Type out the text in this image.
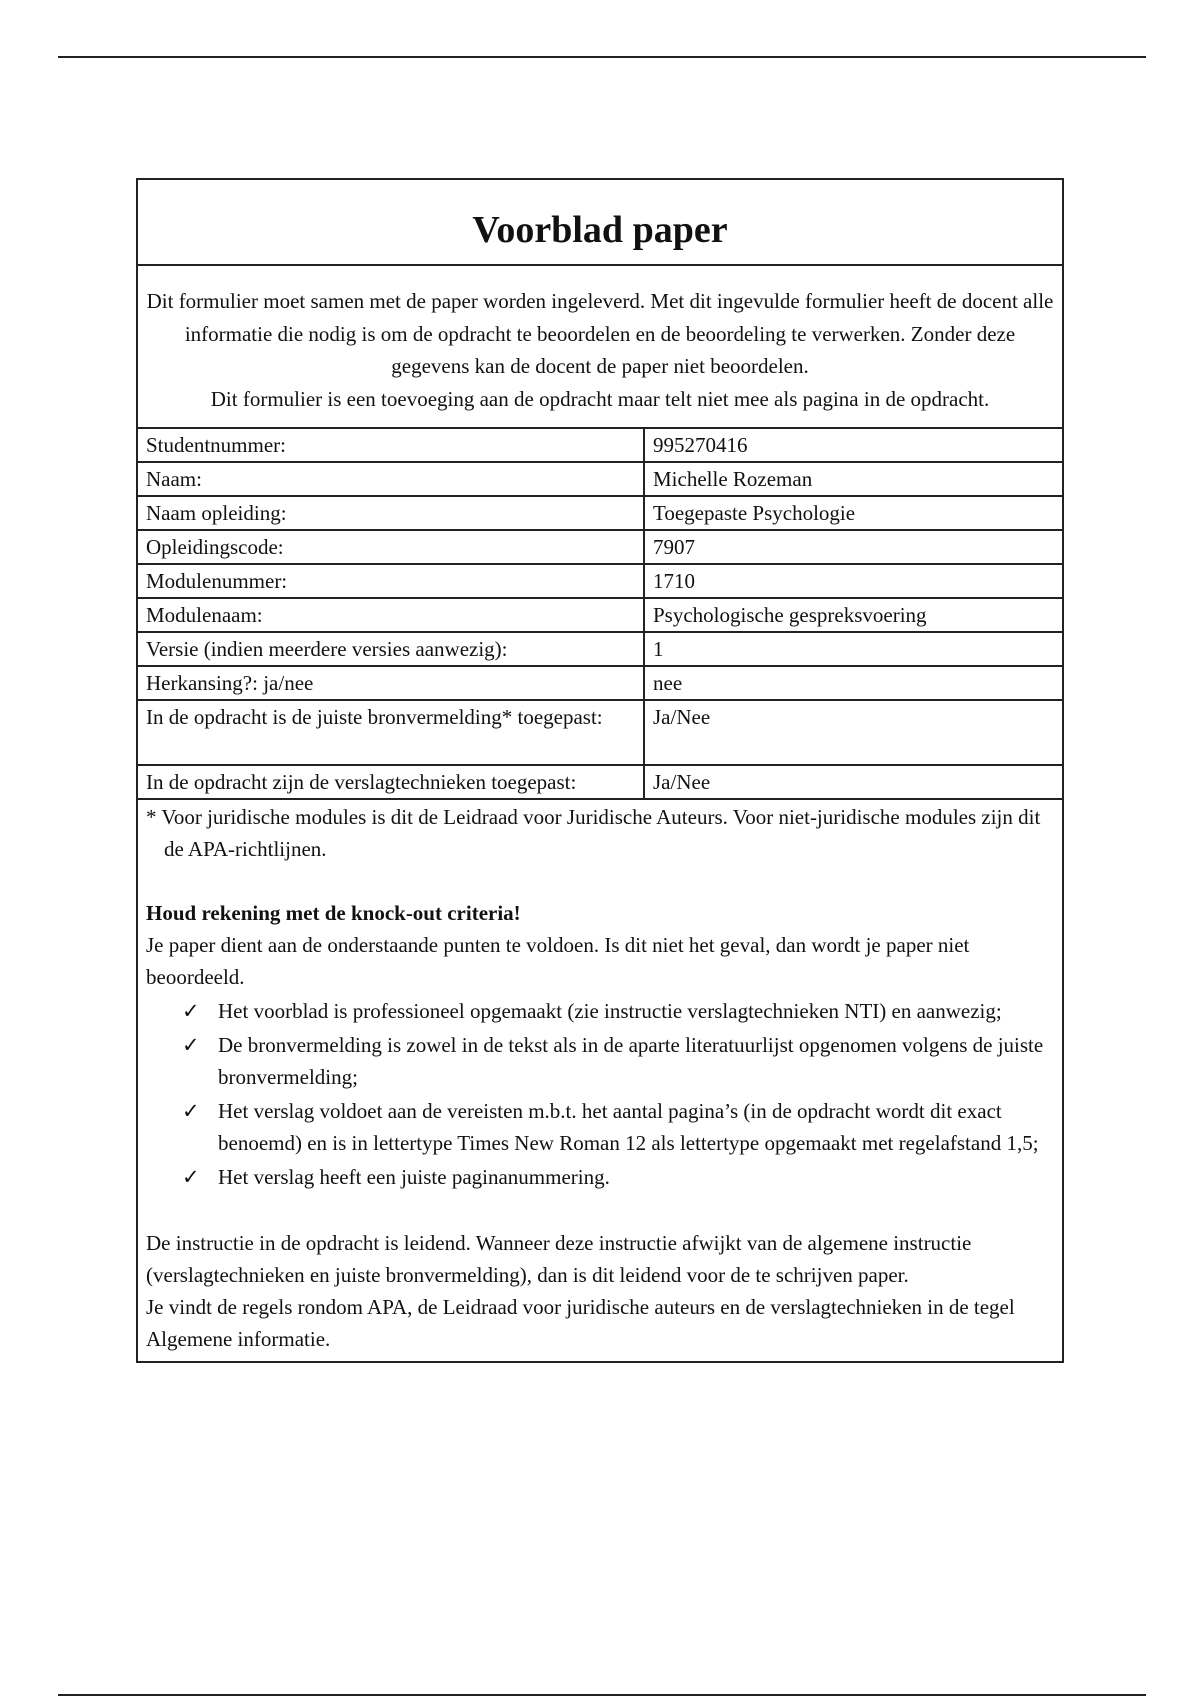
Voorblad paper

Dit formulier moet samen met de paper worden ingeleverd. Met dit ingevulde formulier heeft de docent alle informatie die nodig is om de opdracht te beoordelen en de beoordeling te verwerken. Zonder deze gegevens kan de docent de paper niet beoordelen.

Dit formulier is een toevoeging aan de opdracht maar telt niet mee als pagina in de opdracht.

Studentnummer:	995270416
Naam:	Michelle Rozeman
Naam opleiding:	Toegepaste Psychologie
Opleidingscode:	7907
Modulenummer:	1710
Modulenaam:	Psychologische gespreksvoering
Versie (indien meerdere versies aanwezig):	1
Herkansing?: ja/nee	nee
In de opdracht is de juiste bronvermelding* toegepast:	Ja/Nee
In de opdracht zijn de verslagtechnieken toegepast:	Ja/Nee

* Voor juridische modules is dit de Leidraad voor Juridische Auteurs. Voor niet-juridische modules zijn dit de APA-richtlijnen.

Houd rekening met de knock-out criteria!

Je paper dient aan de onderstaande punten te voldoen. Is dit niet het geval, dan wordt je paper niet beoordeeld.

✓ Het voorblad is professioneel opgemaakt (zie instructie verslagtechnieken NTI) en aanwezig;
✓ De bronvermelding is zowel in de tekst als in de aparte literatuurlijst opgenomen volgens de juiste bronvermelding;
✓ Het verslag voldoet aan de vereisten m.b.t. het aantal pagina’s (in de opdracht wordt dit exact benoemd) en is in lettertype Times New Roman 12 als lettertype opgemaakt met regelafstand 1,5;
✓ Het verslag heeft een juiste paginanummering.

De instructie in de opdracht is leidend. Wanneer deze instructie afwijkt van de algemene instructie (verslagtechnieken en juiste bronvermelding), dan is dit leidend voor de te schrijven paper.

Je vindt de regels rondom APA, de Leidraad voor juridische auteurs en de verslagtechnieken in de tegel Algemene informatie.
